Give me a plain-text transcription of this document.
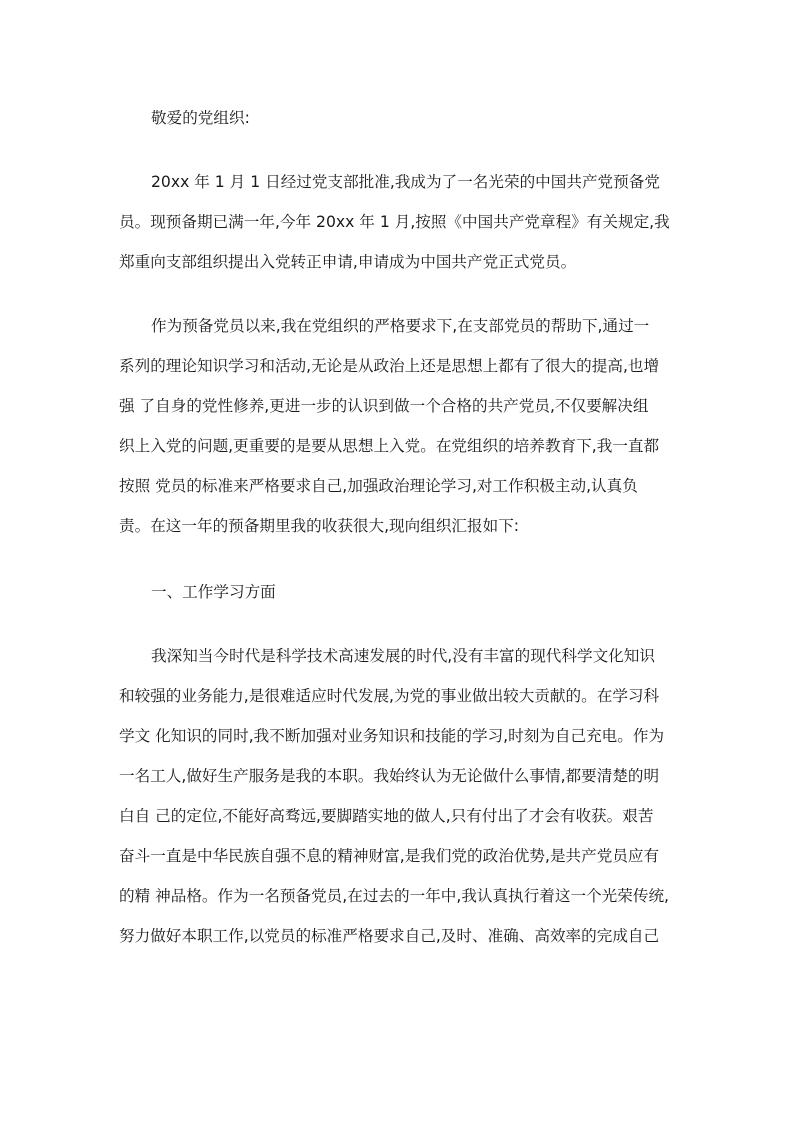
敬爱的党组织:
20xx 年 1 月 1 日经过党支部批准,我成为了一名光荣的中国共产党预备党
员。现预备期已满一年,今年 20xx 年 1 月,按照《中国共产党章程》有关规定,我
郑重向支部组织提出入党转正申请,申请成为中国共产党正式党员。
作为预备党员以来,我在党组织的严格要求下,在支部党员的帮助下,通过一
系列的理论知识学习和活动,无论是从政治上还是思想上都有了很大的提高,也增
强 了自身的党性修养,更进一步的认识到做一个合格的共产党员,不仅要解决组
织上入党的问题,更重要的是要从思想上入党。在党组织的培养教育下,我一直都
按照 党员的标准来严格要求自己,加强政治理论学习,对工作积极主动,认真负
责。在这一年的预备期里我的收获很大,现向组织汇报如下:
一、工作学习方面
我深知当今时代是科学技术高速发展的时代,没有丰富的现代科学文化知识
和较强的业务能力,是很难适应时代发展,为党的事业做出较大贡献的。在学习科
学文 化知识的同时,我不断加强对业务知识和技能的学习,时刻为自己充电。作为
一名工人,做好生产服务是我的本职。我始终认为无论做什么事情,都要清楚的明
白自 己的定位,不能好高骛远,要脚踏实地的做人,只有付出了才会有收获。艰苦
奋斗一直是中华民族自强不息的精神财富,是我们党的政治优势,是共产党员应有
的精 神品格。作为一名预备党员,在过去的一年中,我认真执行着这一个光荣传统,
努力做好本职工作,以党员的标准严格要求自己,及时、准确、高效率的完成自己
